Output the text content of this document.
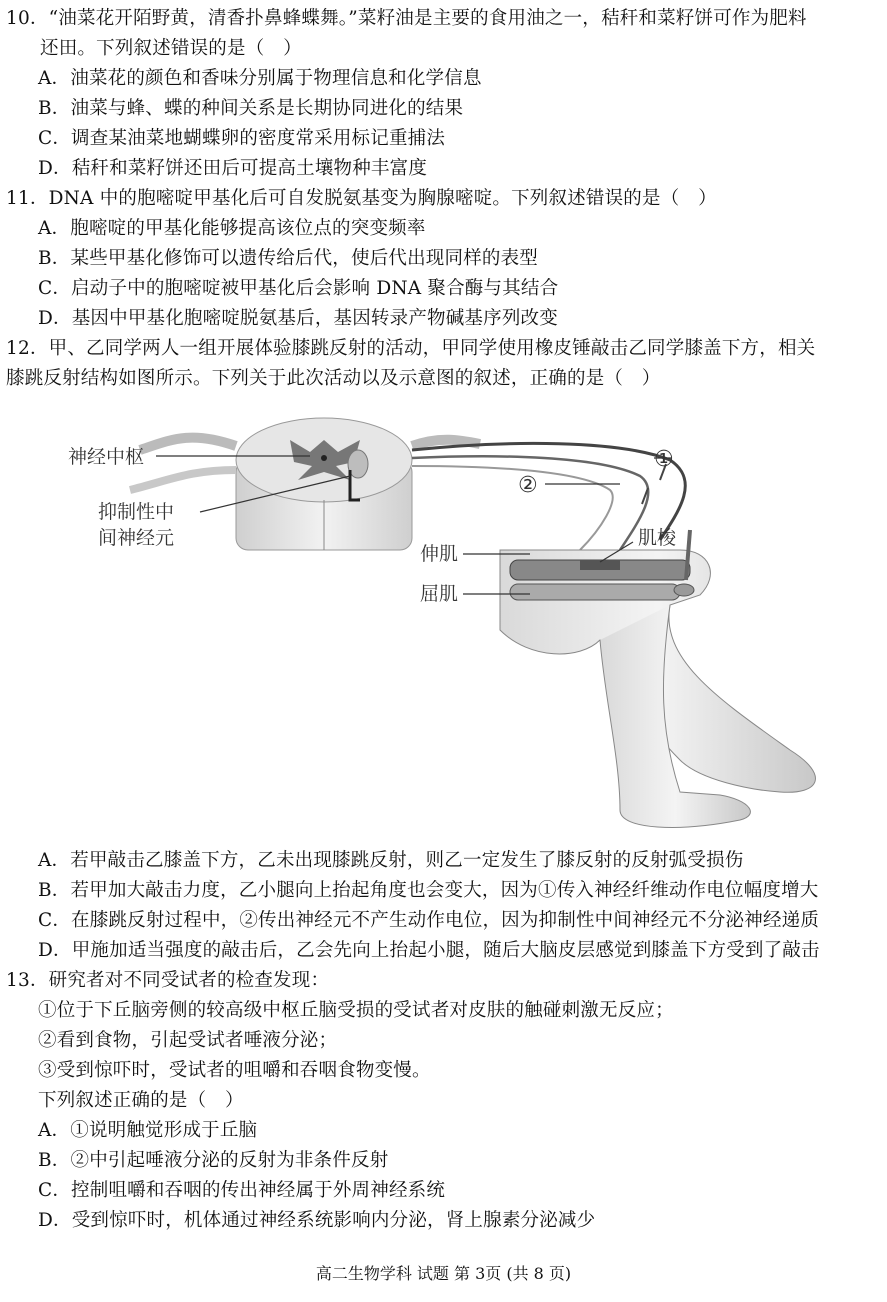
10．“油菜花开陌野黄，清香扑鼻蜂蝶舞。”菜籽油是主要的食用油之一，秸秆和菜籽饼可作为肥料
还田。下列叙述错误的是（　）
A．油菜花的颜色和香味分别属于物理信息和化学信息
B．油菜与蜂、蝶的种间关系是长期协同进化的结果
C．调查某油菜地蝴蝶卵的密度常采用标记重捕法
D．秸秆和菜籽饼还田后可提高土壤物种丰富度
11．DNA 中的胞嘧啶甲基化后可自发脱氨基变为胸腺嘧啶。下列叙述错误的是（　）
A．胞嘧啶的甲基化能够提高该位点的突变频率
B．某些甲基化修饰可以遗传给后代，使后代出现同样的表型
C．启动子中的胞嘧啶被甲基化后会影响 DNA 聚合酶与其结合
D．基因中甲基化胞嘧啶脱氨基后，基因转录产物碱基序列改变
12．甲、乙同学两人一组开展体验膝跳反射的活动，甲同学使用橡皮锤敲击乙同学膝盖下方，相关
膝跳反射结构如图所示。下列关于此次活动以及示意图的叙述，正确的是（　）
神经中枢
抑制性中
间神经元	肌梭
伸肌
屈肌
①
②
A．若甲敲击乙膝盖下方，乙未出现膝跳反射，则乙一定发生了膝反射的反射弧受损伤
B．若甲加大敲击力度，乙小腿向上抬起角度也会变大，因为①传入神经纤维动作电位幅度增大
C．在膝跳反射过程中，②传出神经元不产生动作电位，因为抑制性中间神经元不分泌神经递质
D．甲施加适当强度的敲击后，乙会先向上抬起小腿，随后大脑皮层感觉到膝盖下方受到了敲击
13．研究者对不同受试者的检查发现：
①位于下丘脑旁侧的较高级中枢丘脑受损的受试者对皮肤的触碰刺激无反应；
②看到食物，引起受试者唾液分泌；
③受到惊吓时，受试者的咀嚼和吞咽食物变慢。
下列叙述正确的是（　）
A．①说明触觉形成于丘脑
B．②中引起唾液分泌的反射为非条件反射
C．控制咀嚼和吞咽的传出神经属于外周神经系统
D．受到惊吓时，机体通过神经系统影响内分泌，肾上腺素分泌减少
高二生物学科 试题 第 3页 (共 8 页)
